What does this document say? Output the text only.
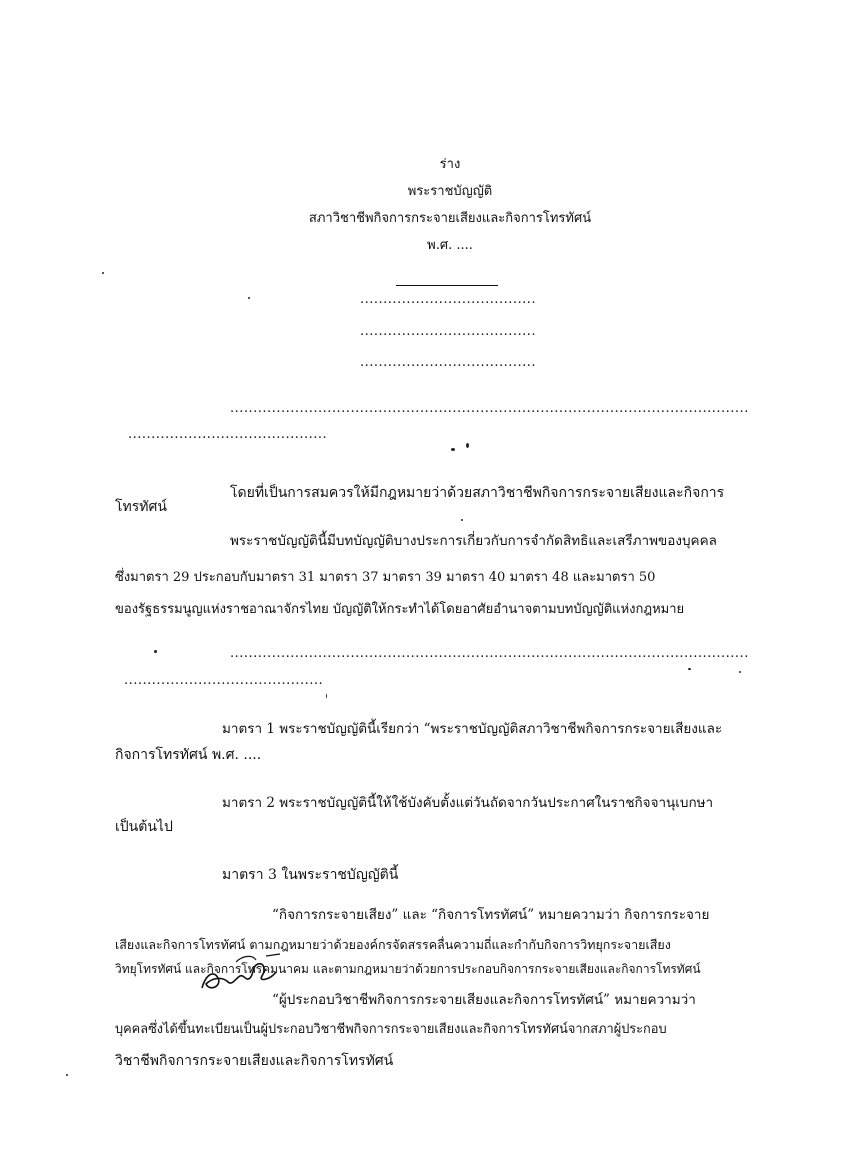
ร่าง
พระราชบัญญัติ
สภาวิชาชีพกิจการกระจายเสียงและกิจการโทรทัศน์
พ.ศ. ....
......................................
......................................
......................................
................................................................................................................
...........................................
โดยที่เป็นการสมควรให้มีกฎหมายว่าด้วยสภาวิชาชีพกิจการกระจายเสียงและกิจการ
โทรทัศน์
พระราชบัญญัตินี้มีบทบัญญัติบางประการเกี่ยวกับการจำกัดสิทธิและเสรีภาพของบุคคล
ซึ่งมาตรา 29 ประกอบกับมาตรา 31 มาตรา 37 มาตรา 39 มาตรา 40 มาตรา 48 และมาตรา 50
ของรัฐธรรมนูญแห่งราชอาณาจักรไทย บัญญัติให้กระทำได้โดยอาศัยอำนาจตามบทบัญญัติแห่งกฎหมาย
................................................................................................................
...........................................
มาตรา 1 พระราชบัญญัตินี้เรียกว่า “พระราชบัญญัติสภาวิชาชีพกิจการกระจายเสียงและ
กิจการโทรทัศน์ พ.ศ. ....
มาตรา 2 พระราชบัญญัตินี้ให้ใช้บังคับตั้งแต่วันถัดจากวันประกาศในราชกิจจานุเบกษา
เป็นต้นไป
มาตรา 3 ในพระราชบัญญัตินี้
“กิจการกระจายเสียง” และ “กิจการโทรทัศน์” หมายความว่า กิจการกระจาย
เสียงและกิจการโทรทัศน์ ตามกฎหมายว่าด้วยองค์กรจัดสรรคลื่นความถี่และกำกับกิจการวิทยุกระจายเสียง
วิทยุโทรทัศน์ และกิจการโทรคมนาคม และตามกฎหมายว่าด้วยการประกอบกิจการกระจายเสียงและกิจการโทรทัศน์
“ผู้ประกอบวิชาชีพกิจการกระจายเสียงและกิจการโทรทัศน์” หมายความว่า
บุคคลซึ่งได้ขึ้นทะเบียนเป็นผู้ประกอบวิชาชีพกิจการกระจายเสียงและกิจการโทรทัศน์จากสภาผู้ประกอบ
วิชาชีพกิจการกระจายเสียงและกิจการโทรทัศน์
